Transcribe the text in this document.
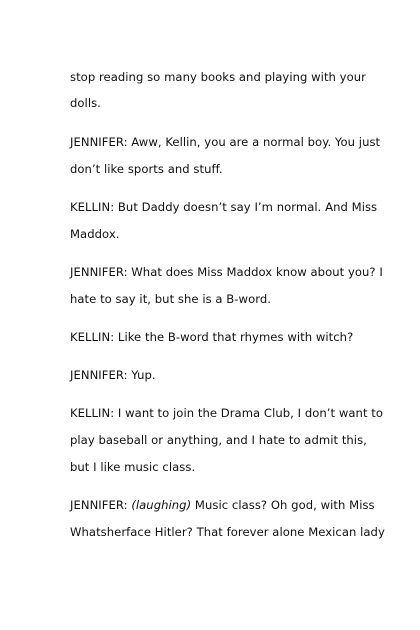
stop reading so many books and playing with your
dolls.
JENNIFER: Aww, Kellin, you are a normal boy. You just
don’t like sports and stuff.
KELLIN: But Daddy doesn’t say I’m normal. And Miss
Maddox.
JENNIFER: What does Miss Maddox know about you? I
hate to say it, but she is a B-word.
KELLIN: Like the B-word that rhymes with witch?
JENNIFER: Yup.
KELLIN: I want to join the Drama Club, I don’t want to
play baseball or anything, and I hate to admit this,
but I like music class.
JENNIFER: (laughing) Music class? Oh god, with Miss
Whatsherface Hitler? That forever alone Mexican lady
